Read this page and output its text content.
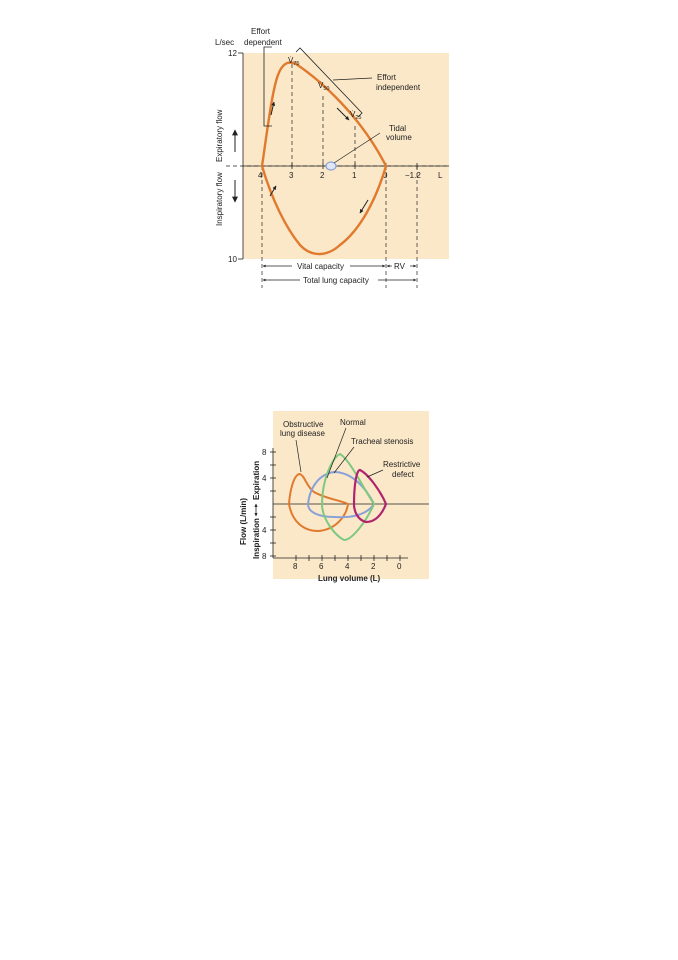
L/sec
12
10
Expiratory flow
Inspiratory flow	4	3	2	1	0 −1.2 L
Tidal
volume
Effort
dependent
Effort
independent
$V̇_{75}$
$V̇_{50}$
$V̇_{25}$
Vital capacity	RV
Total lung capacity
8
4
4
8
8	6	4	2	0
Lung volume (L)
Flow (L/min)
Expiration
Inspiration
Obstructive
lung disease
Normal
Tracheal stenosis
Restrictive
defect
